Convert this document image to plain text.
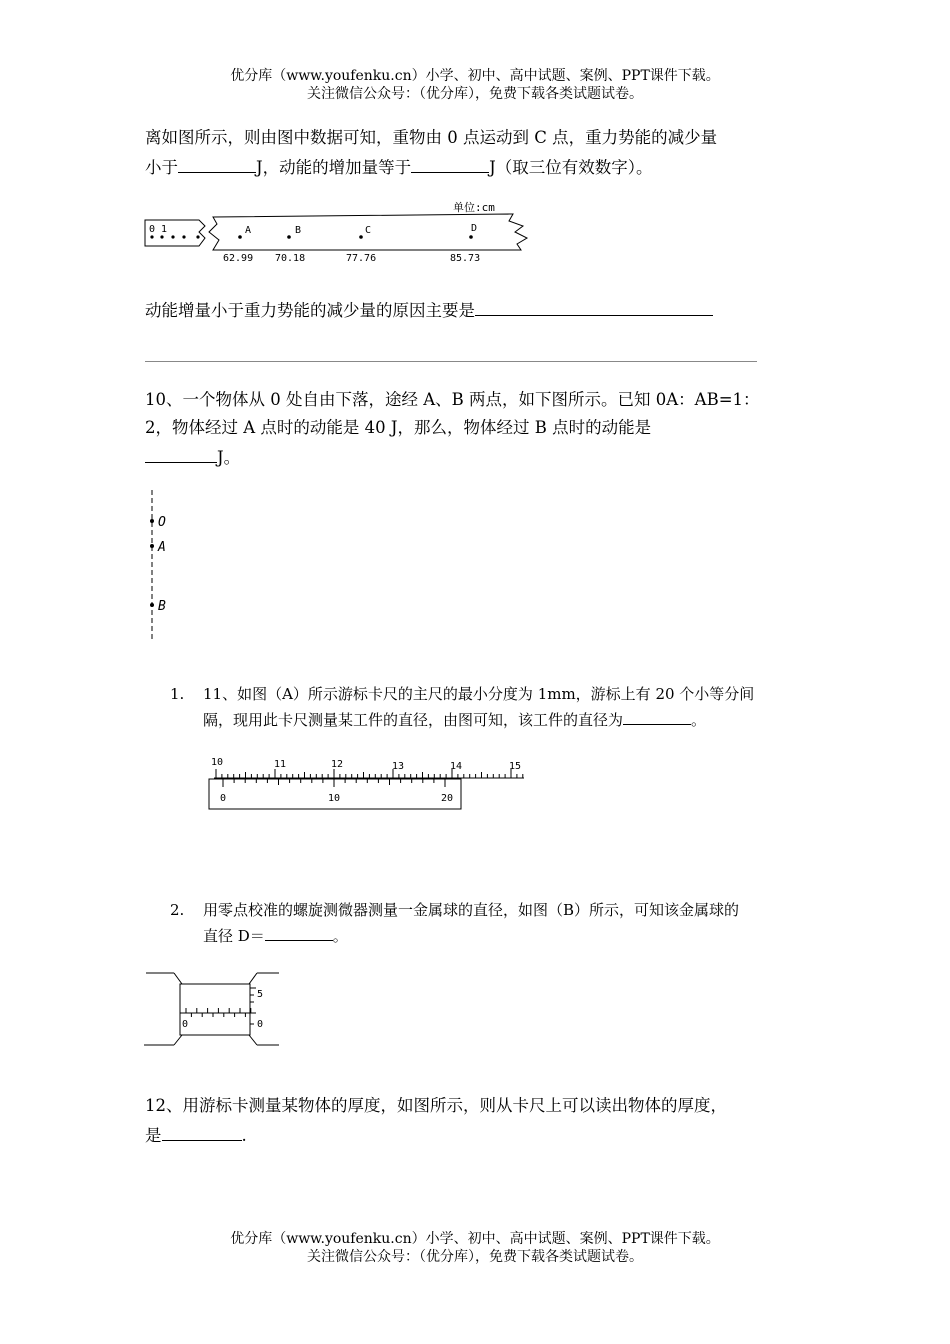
优分库（www.youfenku.cn）小学、初中、高中试题、案例、PPT课件下载。
关注微信公众号：（优分库），免费下载各类试题试卷。
离如图所示，则由图中数据可知，重物由 0 点运动到 C 点，重力势能的减少量
小于	J，动能的增加量等于	J（取三位有效数字）。
单位:cm
0 1	A	B	C	D
62.99 70.18	77.76	85.73
动能增量小于重力势能的减少量的原因主要是
10、一个物体从 0 处自由下落，途经 A、B 两点，如下图所示。已知 0A：AB=1：
2，物体经过 A 点时的动能是 40 J，那么，物体经过 B 点时的动能是
J。
O
A
B
1. 11、如图（A）所示游标卡尺的主尺的最小分度为 1mm，游标上有 20 个小等分间
隔，现用此卡尺测量某工件的直径，由图可知，该工件的直径为	。
10	11	12	13	14	15
0	10	20
2. 用零点校准的螺旋测微器测量一金属球的直径，如图（B）所示，可知该金属球的
直径 D＝	。
5
0	0
12、用游标卡测量某物体的厚度，如图所示，则从卡尺上可以读出物体的厚度，
是	.
优分库（www.youfenku.cn）小学、初中、高中试题、案例、PPT课件下载。
关注微信公众号：（优分库），免费下载各类试题试卷。
